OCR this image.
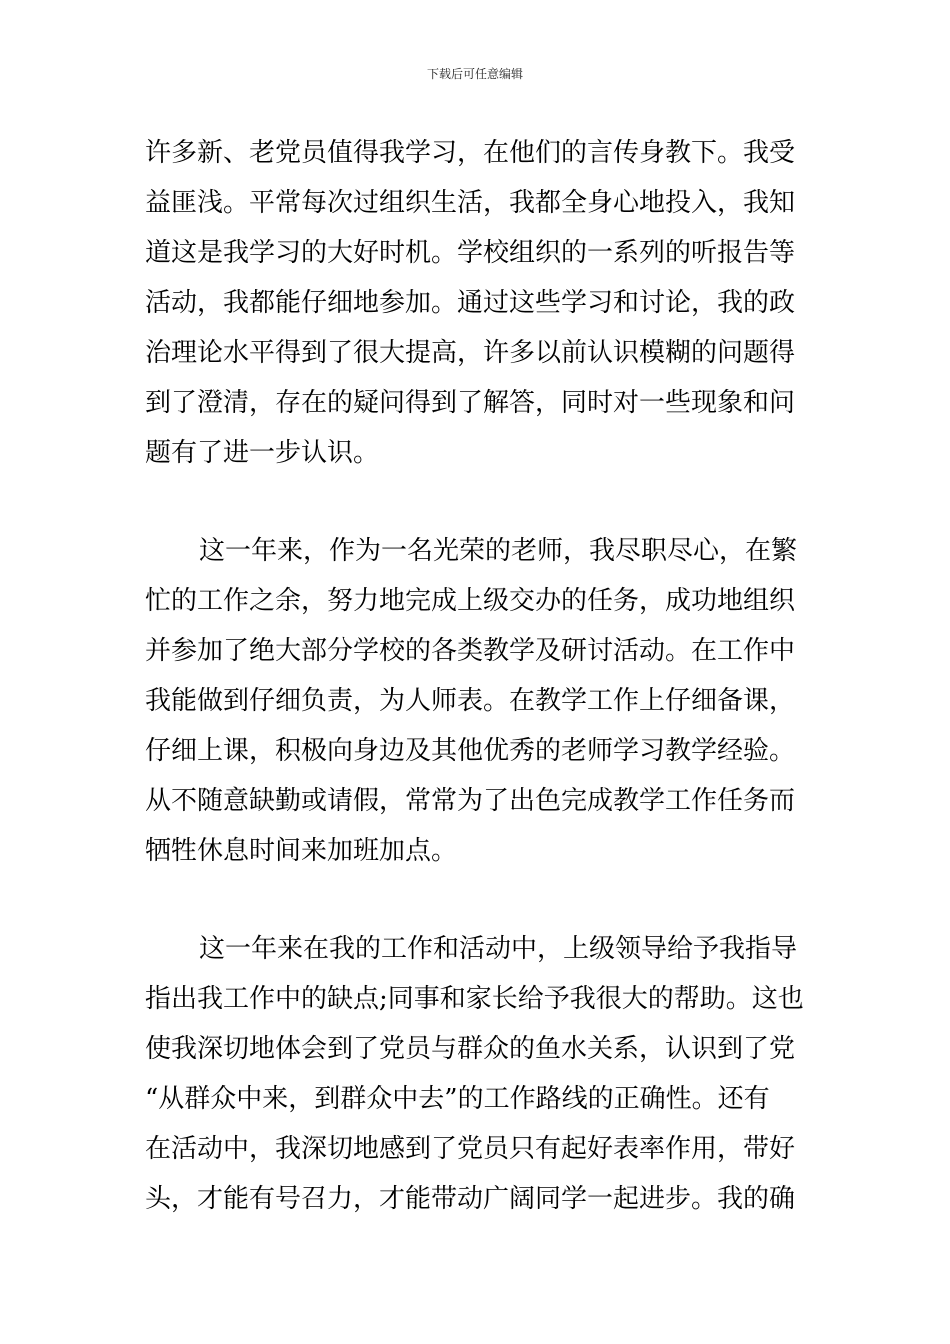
下载后可任意编辑
许多新、老党员值得我学习，在他们的言传身教下。我受
益匪浅。平常每次过组织生活，我都全身心地投入，我知
道这是我学习的大好时机。学校组织的一系列的听报告等
活动，我都能仔细地参加。通过这些学习和讨论，我的政
治理论水平得到了很大提高，许多以前认识模糊的问题得
到了澄清，存在的疑问得到了解答，同时对一些现象和问
题有了进一步认识。
这一年来，作为一名光荣的老师，我尽职尽心，在繁
忙的工作之余，努力地完成上级交办的任务，成功地组织
并参加了绝大部分学校的各类教学及研讨活动。在工作中
我能做到仔细负责，为人师表。在教学工作上仔细备课，
仔细上课，积极向身边及其他优秀的老师学习教学经验。
从不随意缺勤或请假，常常为了出色完成教学工作任务而
牺牲休息时间来加班加点。
这一年来在我的工作和活动中，上级领导给予我指导
指出我工作中的缺点;同事和家长给予我很大的帮助。这也
使我深切地体会到了党员与群众的鱼水关系，认识到了党
“从群众中来，到群众中去”的工作路线的正确性。还有
在活动中，我深切地感到了党员只有起好表率作用，带好
头，才能有号召力，才能带动广阔同学一起进步。我的确
